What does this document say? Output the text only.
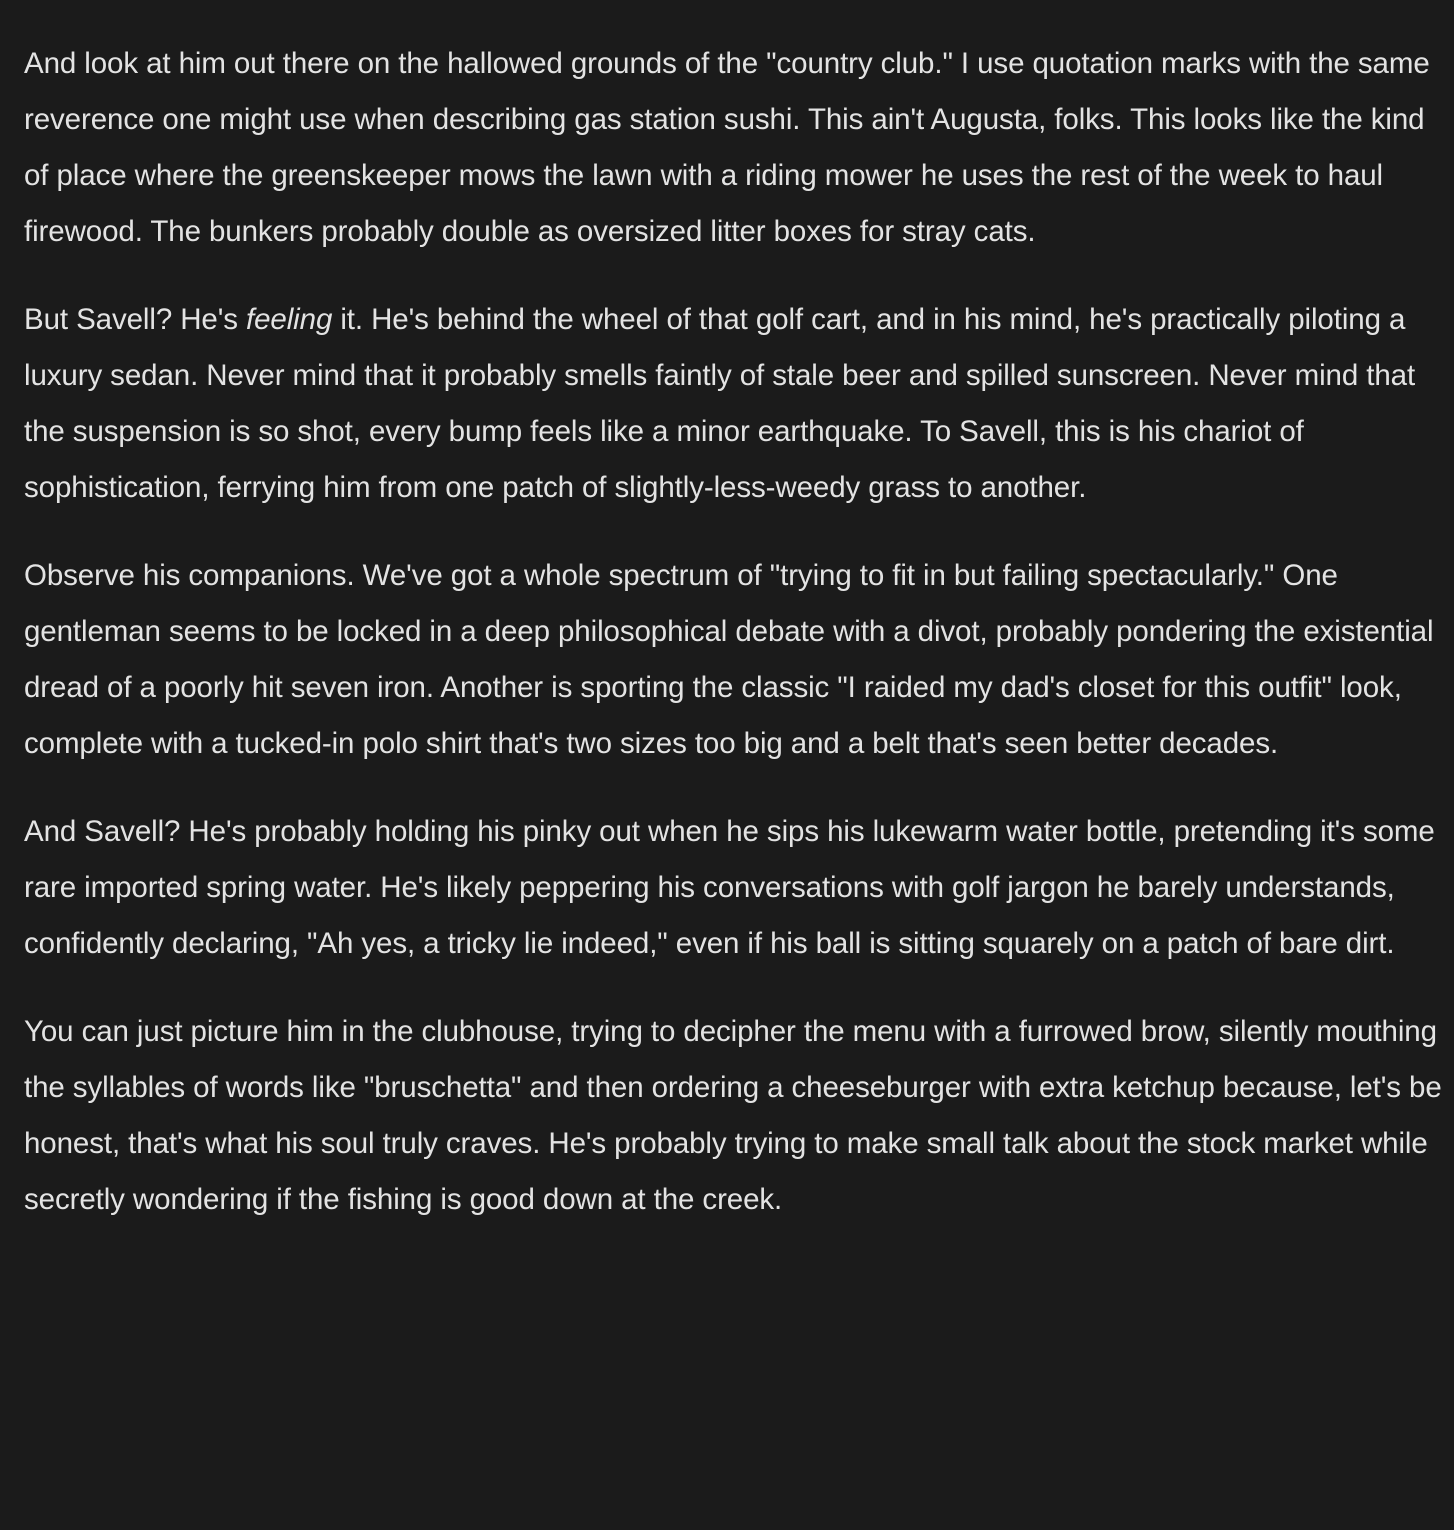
And look at him out there on the hallowed grounds of the "country club." I use quotation marks with the same reverence one might use when describing gas station sushi. This ain't Augusta, folks. This looks like the kind of place where the greenskeeper mows the lawn with a riding mower he uses the rest of the week to haul firewood. The bunkers probably double as oversized litter boxes for stray cats.

But Savell? He's feeling it. He's behind the wheel of that golf cart, and in his mind, he's practically piloting a luxury sedan. Never mind that it probably smells faintly of stale beer and spilled sunscreen. Never mind that the suspension is so shot, every bump feels like a minor earthquake. To Savell, this is his chariot of sophistication, ferrying him from one patch of slightly-less-weedy grass to another.

Observe his companions. We've got a whole spectrum of "trying to fit in but failing spectacularly." One gentleman seems to be locked in a deep philosophical debate with a divot, probably pondering the existential dread of a poorly hit seven iron. Another is sporting the classic "I raided my dad's closet for this outfit" look, complete with a tucked-in polo shirt that's two sizes too big and a belt that's seen better decades.

And Savell? He's probably holding his pinky out when he sips his lukewarm water bottle, pretending it's some rare imported spring water. He's likely peppering his conversations with golf jargon he barely understands, confidently declaring, "Ah yes, a tricky lie indeed," even if his ball is sitting squarely on a patch of bare dirt.

You can just picture him in the clubhouse, trying to decipher the menu with a furrowed brow, silently mouthing the syllables of words like "bruschetta" and then ordering a cheeseburger with extra ketchup because, let's be honest, that's what his soul truly craves. He's probably trying to make small talk about the stock market while secretly wondering if the fishing is good down at the creek.
